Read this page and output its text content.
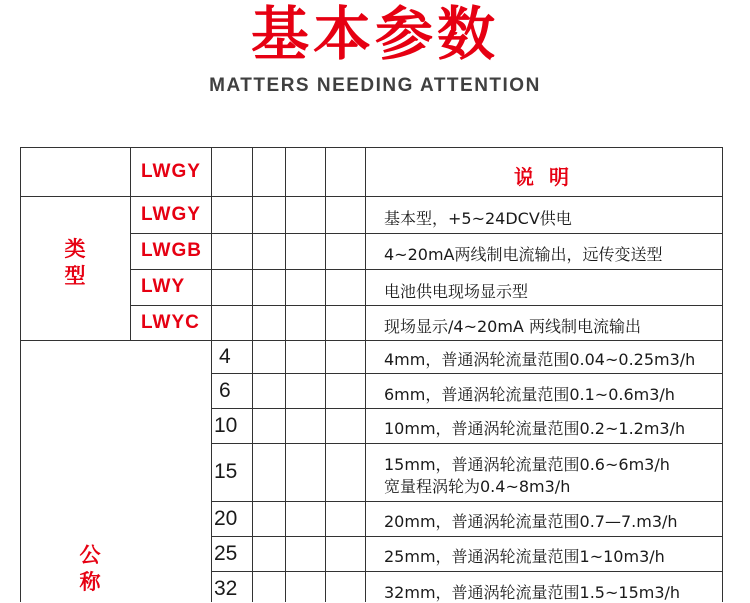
基本参数
MATTERS NEEDING ATTENTION
LWGY	说 明
类
型
LWGY	基本型，+5~24DCV供电
LWGB	4~20mA两线制电流输出，远传变送型
LWY	电池供电现场显示型
LWYC	现场显示/4~20mA 两线制电流输出
公
称
4	4mm，普通涡轮流量范围0.04~0.25m3/h
6	6mm，普通涡轮流量范围0.1~0.6m3/h
10	10mm，普通涡轮流量范围0.2~1.2m3/h
15	15mm，普通涡轮流量范围0.6~6m3/h
宽量程涡轮为0.4~8m3/h
20	20mm，普通涡轮流量范围0.7—7.m3/h
25	25mm，普通涡轮流量范围1~10m3/h
32	32mm，普通涡轮流量范围1.5~15m3/h
